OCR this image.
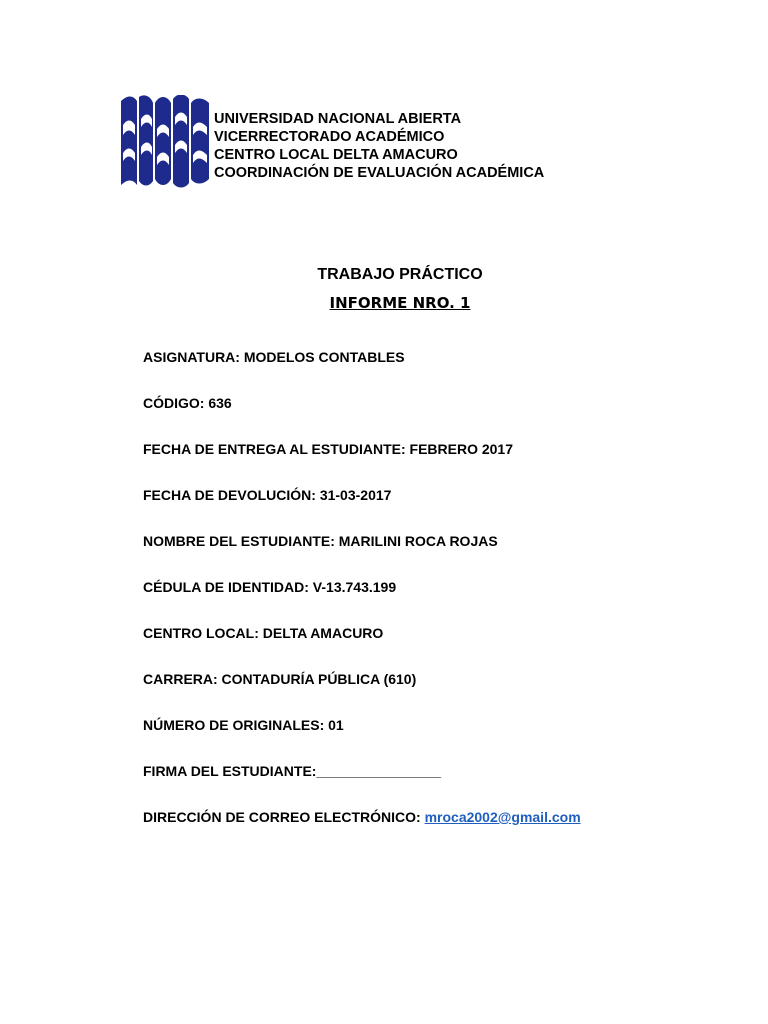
UNIVERSIDAD NACIONAL ABIERTA
VICERRECTORADO ACADÉMICO
CENTRO LOCAL DELTA AMACURO
COORDINACIÓN DE EVALUACIÓN ACADÉMICA
TRABAJO PRÁCTICO
INFORME NRO. 1
ASIGNATURA: MODELOS CONTABLES
CÓDIGO: 636
FECHA DE ENTREGA AL ESTUDIANTE: FEBRERO 2017
FECHA DE DEVOLUCIÓN: 31-03-2017
NOMBRE DEL ESTUDIANTE: MARILINI ROCA ROJAS
CÉDULA DE IDENTIDAD: V-13.743.199
CENTRO LOCAL: DELTA AMACURO
CARRERA: CONTADURÍA PÚBLICA (610)
NÚMERO DE ORIGINALES: 01
FIRMA DEL ESTUDIANTE:________________
DIRECCIÓN DE CORREO ELECTRÓNICO: mroca2002@gmail.com
